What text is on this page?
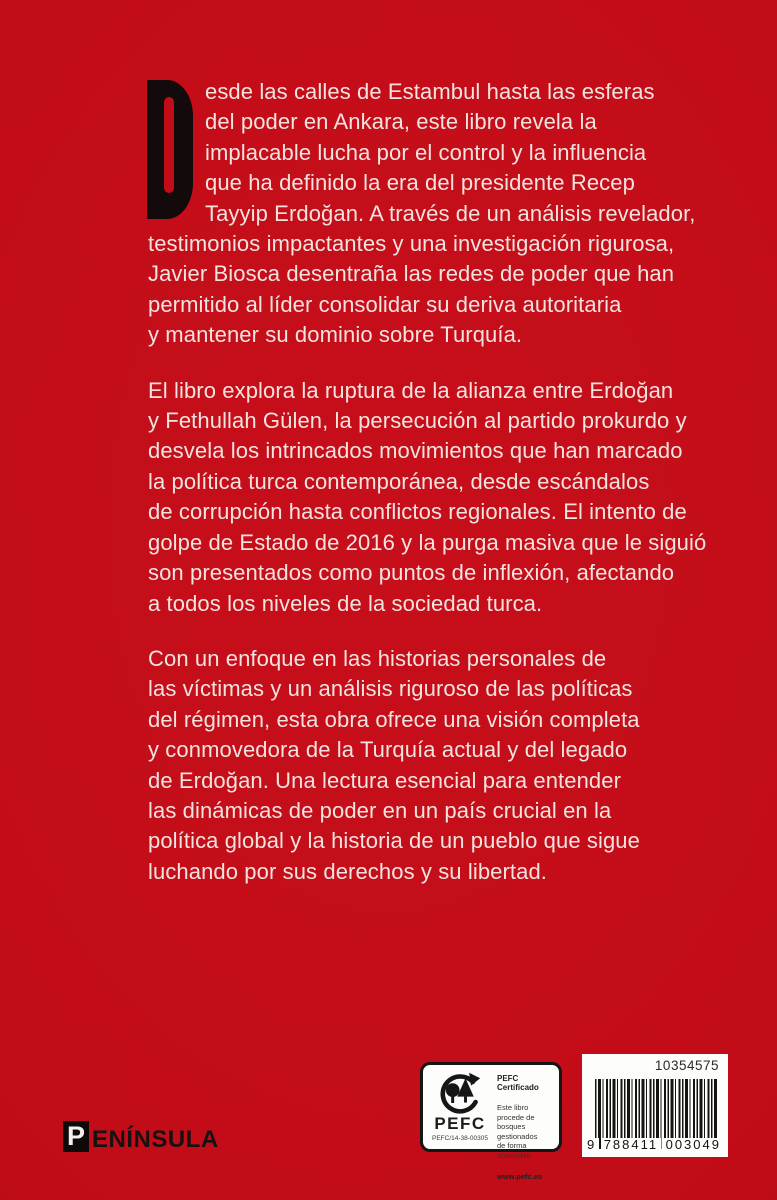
esde las calles de Estambul hasta las esferas
del poder en Ankara, este libro revela la
implacable lucha por el control y la influencia
que ha definido la era del presidente Recep
Tayyip Erdoğan. A través de un análisis revelador,
testimonios impactantes y una investigación rigurosa,
Javier Biosca desentraña las redes de poder que han
permitido al líder consolidar su deriva autoritaria
y mantener su dominio sobre Turquía.
El libro explora la ruptura de la alianza entre Erdoğan
y Fethullah Gülen, la persecución al partido prokurdo y
desvela los intrincados movimientos que han marcado
la política turca contemporánea, desde escándalos
de corrupción hasta conflictos regionales. El intento de
golpe de Estado de 2016 y la purga masiva que le siguió
son presentados como puntos de inflexión, afectando
a todos los niveles de la sociedad turca.
Con un enfoque en las historias personales de
las víctimas y un análisis riguroso de las políticas
del régimen, esta obra ofrece una visión completa
y conmovedora de la Turquía actual y del legado
de Erdoğan. Una lectura esencial para entender
las dinámicas de poder en un país crucial en la
política global y la historia de un pueblo que sigue
luchando por sus derechos y su libertad.
P ENÍNSULA
PEFC
PEFC/14-38-00305
PEFC Certificado
Este libro procede de
bosques gestionados
de forma sostenible
www.pefc.es
10354575
9 788411 003049
